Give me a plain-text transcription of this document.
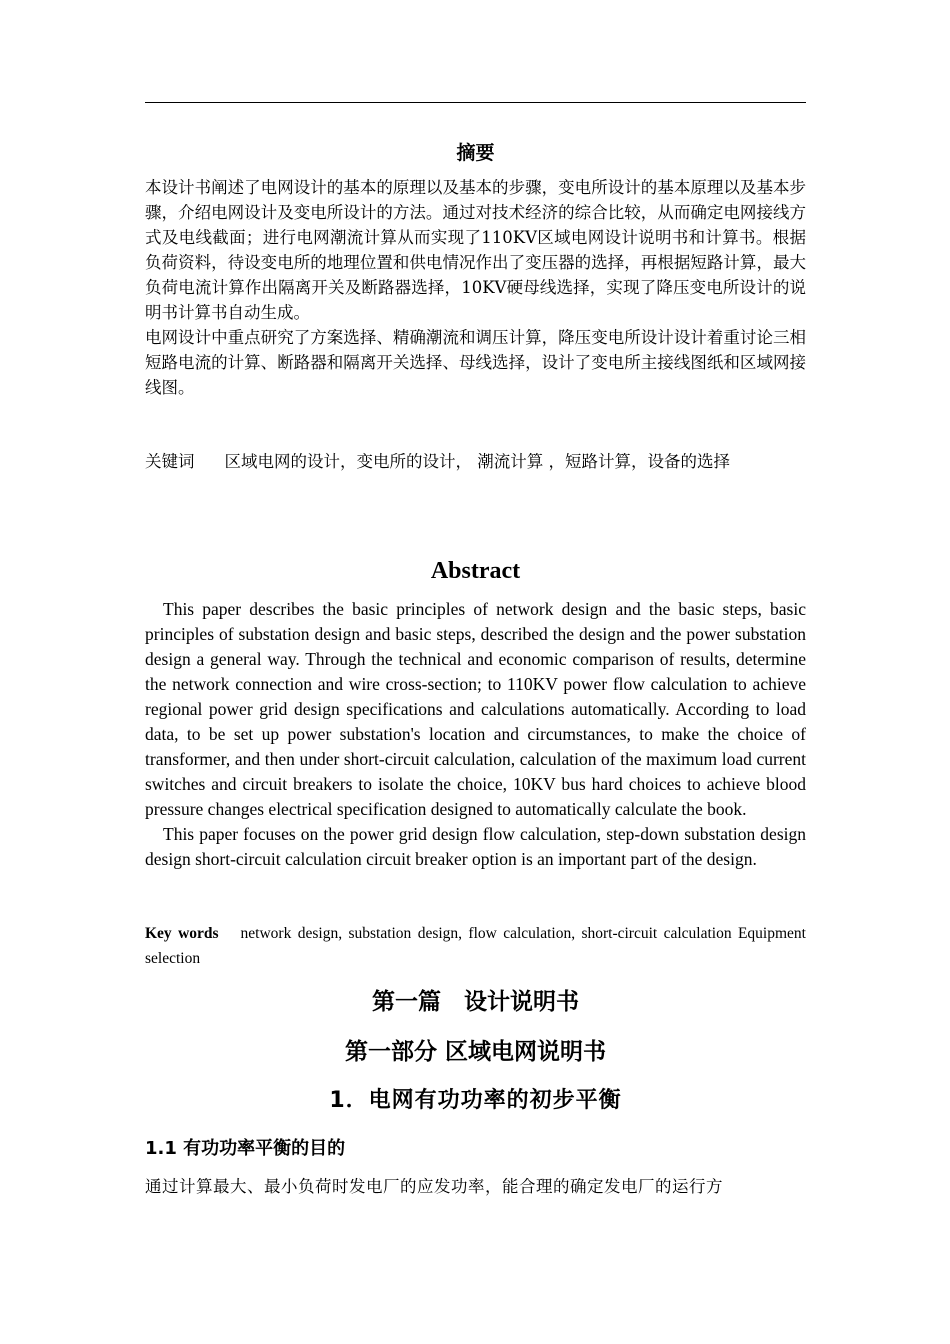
摘要

本设计书阐述了电网设计的基本的原理以及基本的步骤，变电所设计的基本原理以及基本步骤，介绍电网设计及变电所设计的方法。通过对技术经济的综合比较，从而确定电网接线方式及电线截面；进行电网潮流计算从而实现了110KV区域电网设计说明书和计算书。根据负荷资料，待设变电所的地理位置和供电情况作出了变压器的选择，再根据短路计算，最大负荷电流计算作出隔离开关及断路器选择，10KV硬母线选择，实现了降压变电所设计的说明书计算书自动生成。

电网设计中重点研究了方案选择、精确潮流和调压计算，降压变电所设计设计着重讨论三相短路电流的计算、断路器和隔离开关选择、母线选择，设计了变电所主接线图纸和区域网接线图。

关键词 区域电网的设计，变电所的设计， 潮流计算 ，短路计算，设备的选择
Abstract

This paper describes the basic principles of network design and the basic steps, basic principles of substation design and basic steps, described the design and the power substation design a general way. Through the technical and economic comparison of results, determine the network connection and wire cross-section; to 110KV power flow calculation to achieve regional power grid design specifications and calculations automatically. According to load data, to be set up power substation's location and circumstances, to make the choice of transformer, and then under short-circuit calculation, calculation of the maximum load current switches and circuit breakers to isolate the choice, 10KV bus hard choices to achieve blood pressure changes electrical specification designed to automatically calculate the book.

This paper focuses on the power grid design flow calculation, step-down substation design design short-circuit calculation circuit breaker option is an important part of the design.

Key words network design, substation design, flow calculation, short-circuit calculation Equipment selection
第一篇　设计说明书
第一部分 区域电网说明书
1．电网有功功率的初步平衡
1.1 有功功率平衡的目的

通过计算最大、最小负荷时发电厂的应发功率，能合理的确定发电厂的运行方
